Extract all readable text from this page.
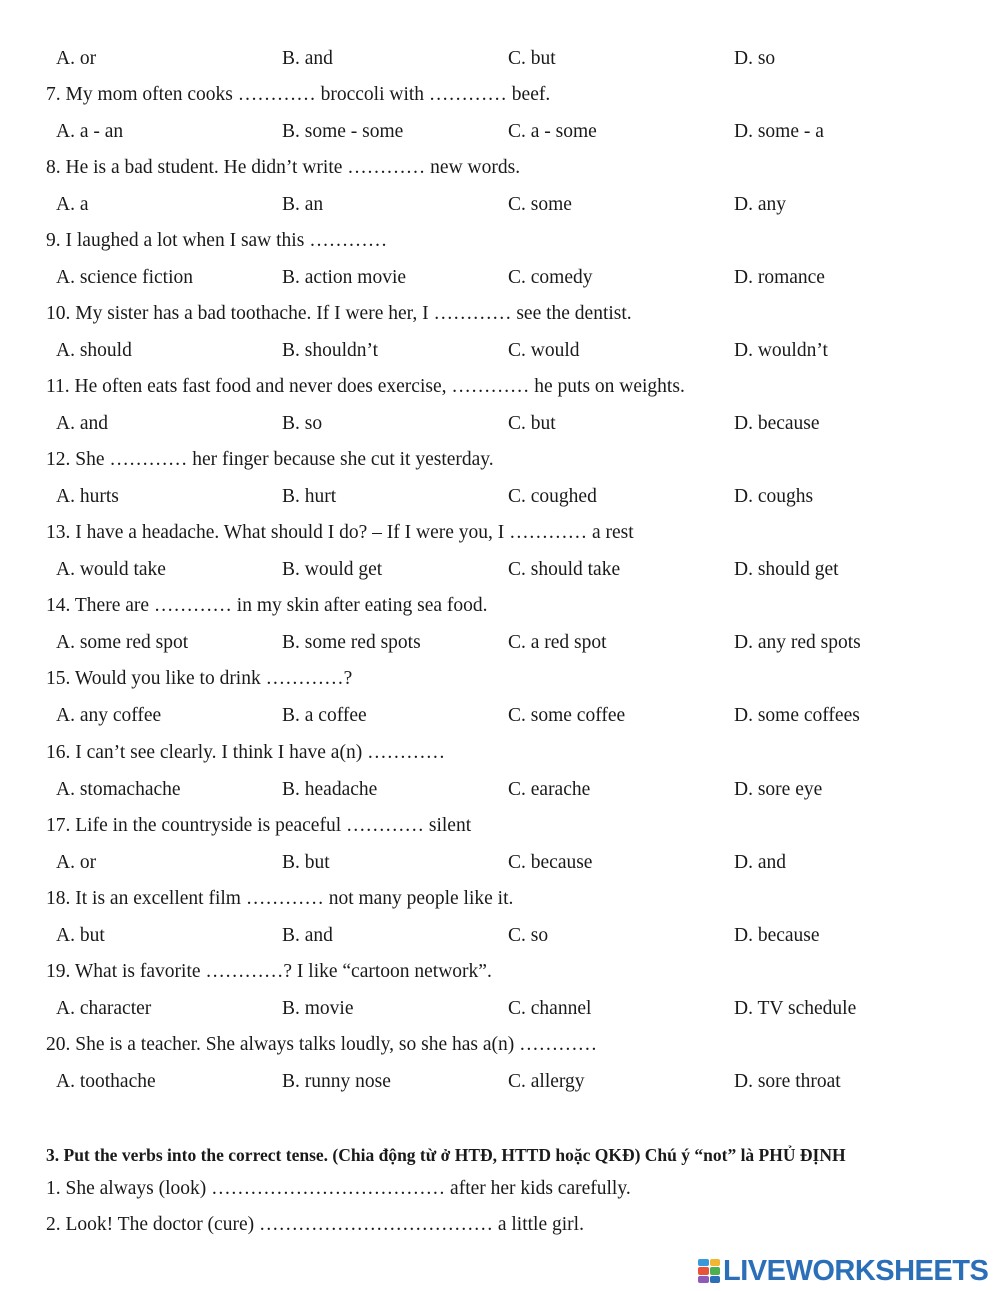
A. or	B. and	C. but	D. so
7. My mom often cooks ………… broccoli with ………… beef.
A. a - an	B. some - some	C. a - some	D. some - a
8. He is a bad student. He didn’t write ………… new words.
A. a	B. an	C. some	D. any
9. I laughed a lot when I saw this …………
A. science fiction	B. action movie	C. comedy	D. romance
10. My sister has a bad toothache. If I were her, I ………… see the dentist.
A. should	B. shouldn’t	C. would	D. wouldn’t
11. He often eats fast food and never does exercise, ………… he puts on weights.
A. and	B. so	C. but	D. because
12. She ………… her finger because she cut it yesterday.
A. hurts	B. hurt	C. coughed	D. coughs
13. I have a headache. What should I do? – If I were you, I ………… a rest
A. would take	B. would get	C. should take	D. should get
14. There are ………… in my skin after eating sea food.
A. some red spot	B. some red spots	C. a red spot	D. any red spots
15. Would you like to drink …………?
A. any coffee	B. a coffee	C. some coffee	D. some coffees
16. I can’t see clearly. I think I have a(n) …………
A. stomachache	B. headache	C. earache	D. sore eye
17. Life in the countryside is peaceful ………… silent
A. or	B. but	C. because	D. and
18. It is an excellent film ………… not many people like it.
A. but	B. and	C. so	D. because
19. What is favorite …………? I like “cartoon network”.
A. character	B. movie	C. channel	D. TV schedule
20. She is a teacher. She always talks loudly, so she has a(n) …………
A. toothache	B. runny nose	C. allergy	D. sore throat
3. Put the verbs into the correct tense. (Chia động từ ở HTĐ, HTTD hoặc QKĐ) Chú ý “not” là PHỦ ĐỊNH
1. She always (look) ……………………………… after her kids carefully.
2. Look! The doctor (cure) ……………………………… a little girl.
LIVEWORKSHEETS
